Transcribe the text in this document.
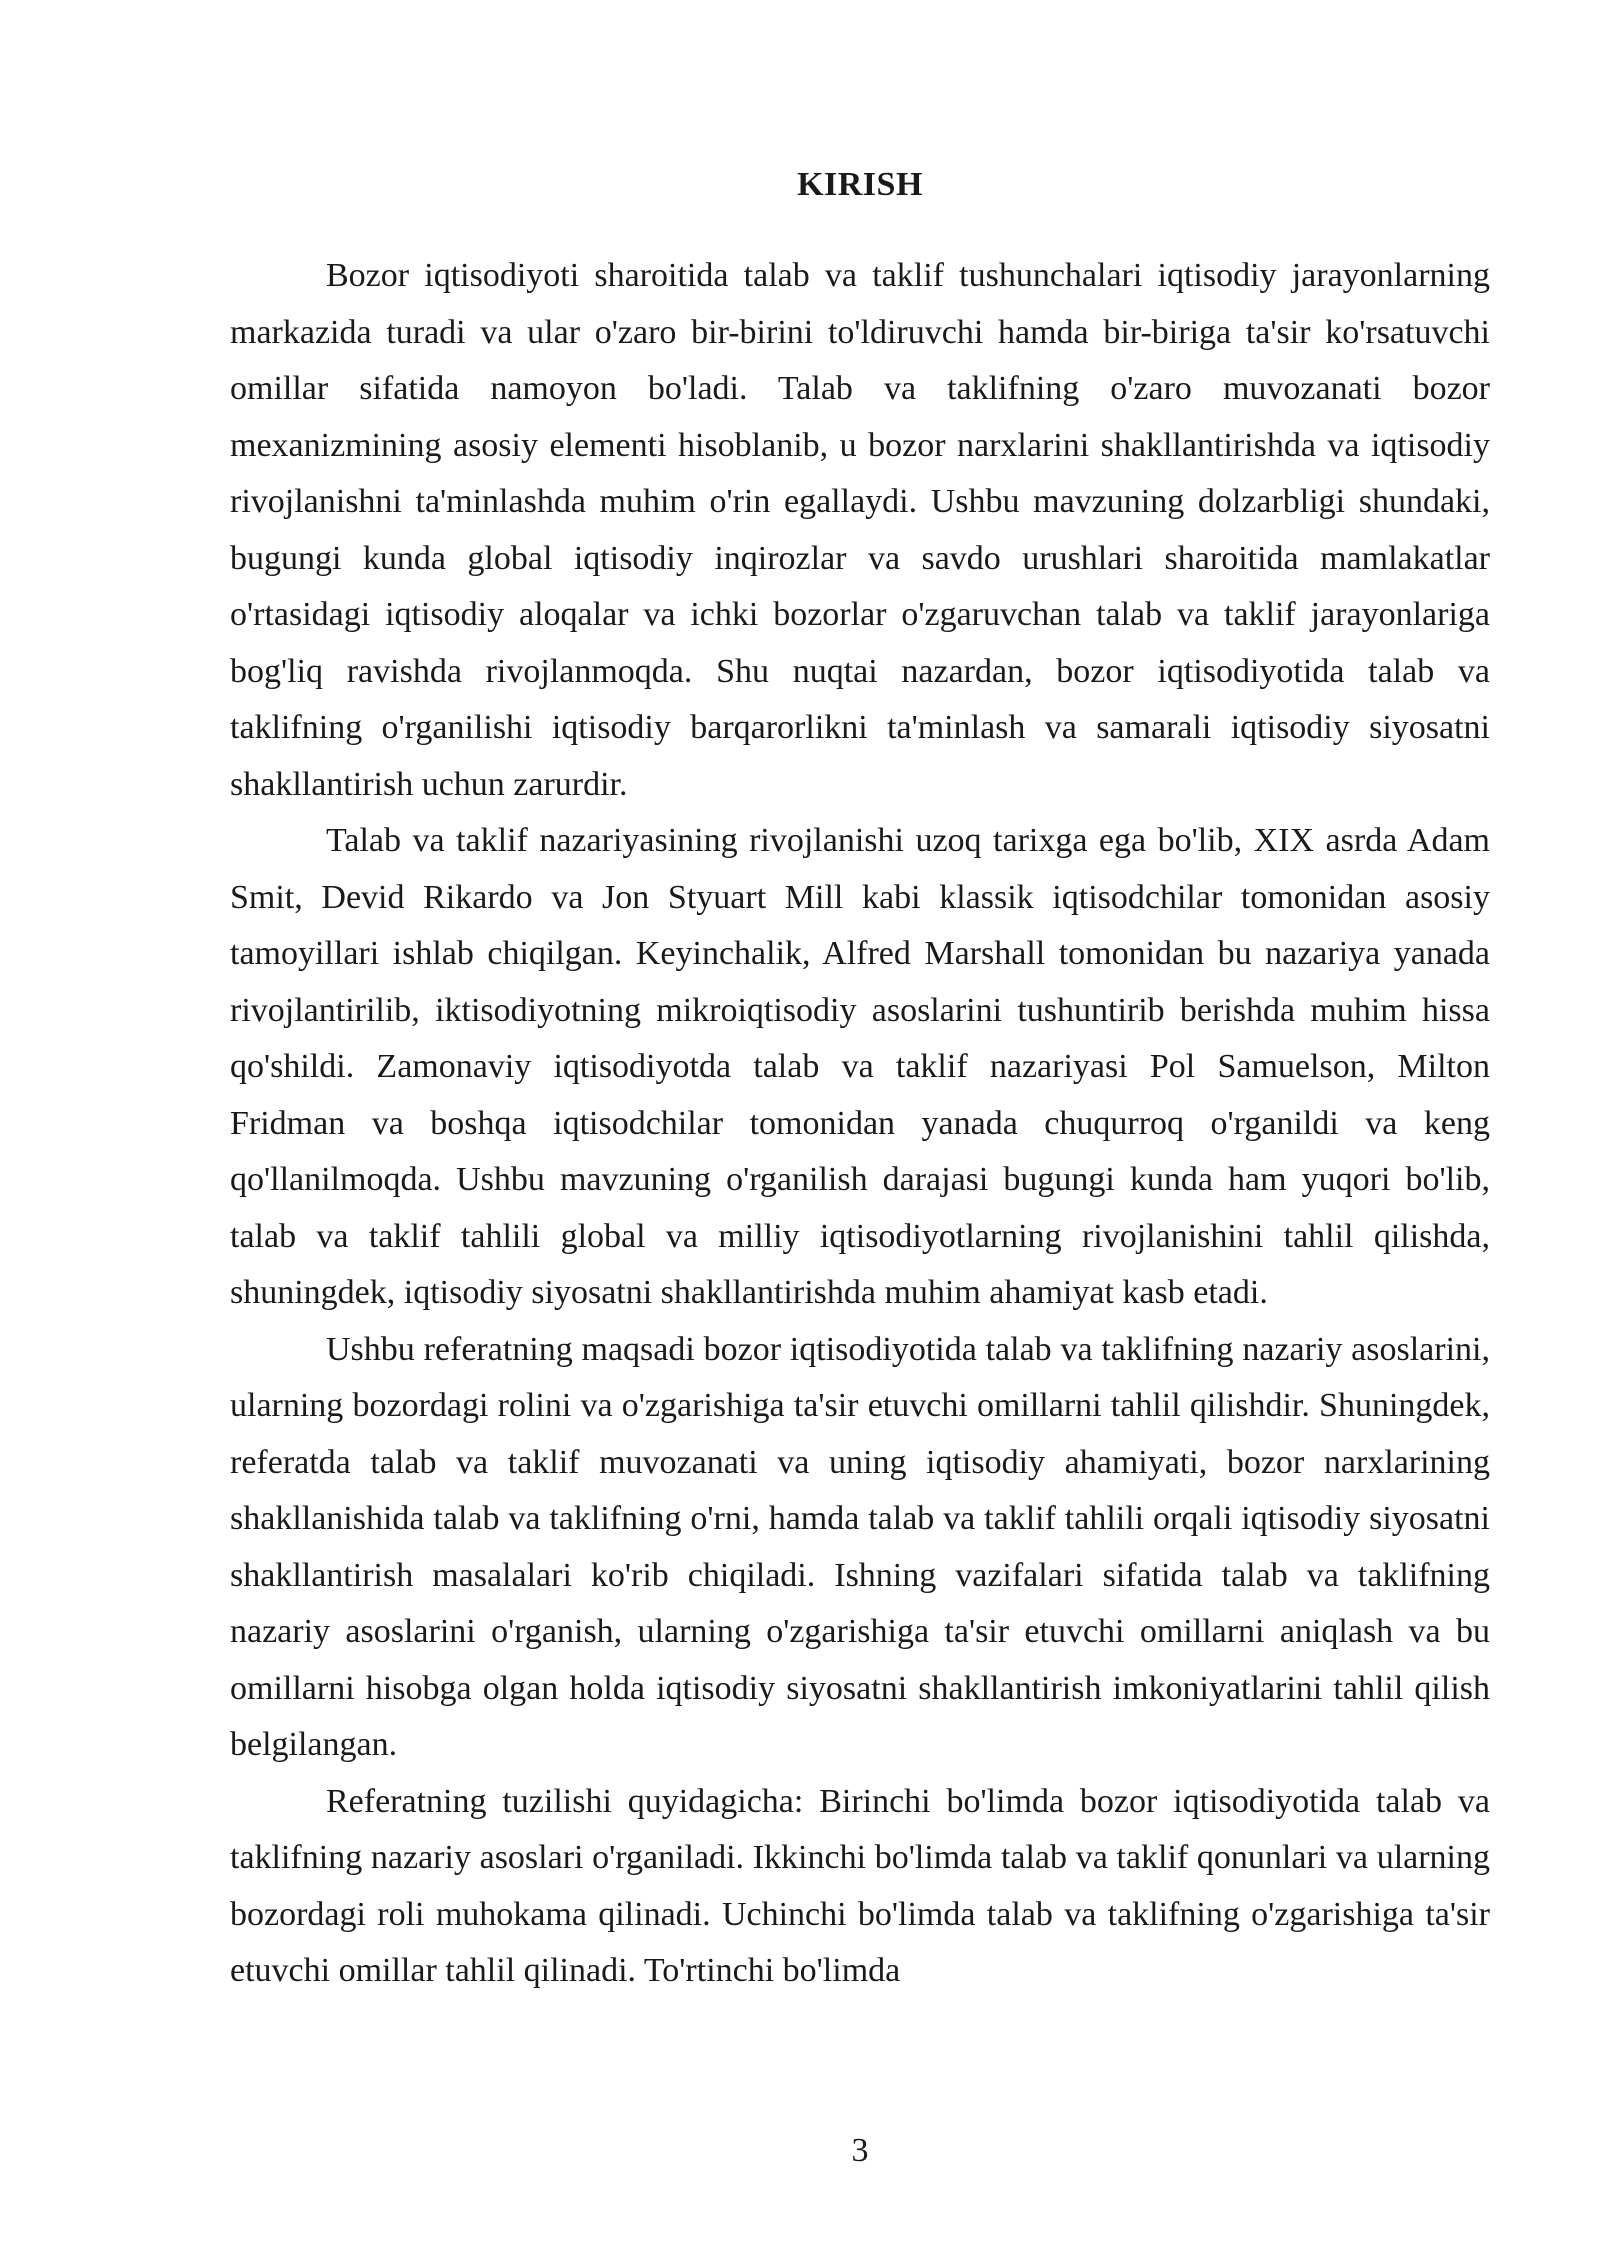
KIRISH

Bozor iqtisodiyoti sharoitida talab va taklif tushunchalari iqtisodiy jarayonlarning markazida turadi va ular o'zaro bir-birini to'ldiruvchi hamda bir-biriga ta'sir ko'rsatuvchi omillar sifatida namoyon bo'ladi. Talab va taklifning o'zaro muvozanati bozor mexanizmining asosiy elementi hisoblanib, u bozor narxlarini shakllantirishda va iqtisodiy rivojlanishni ta'minlashda muhim o'rin egallaydi. Ushbu mavzuning dolzarbligi shundaki, bugungi kunda global iqtisodiy inqirozlar va savdo urushlari sharoitida mamlakatlar o'rtasidagi iqtisodiy aloqalar va ichki bozorlar o'zgaruvchan talab va taklif jarayonlariga bog'liq ravishda rivojlanmoqda. Shu nuqtai nazardan, bozor iqtisodiyotida talab va taklifning o'rganilishi iqtisodiy barqarorlikni ta'minlash va samarali iqtisodiy siyosatni shakllantirish uchun zarurdir.

Talab va taklif nazariyasining rivojlanishi uzoq tarixga ega bo'lib, XIX asrda Adam Smit, Devid Rikardo va Jon Styuart Mill kabi klassik iqtisodchilar tomonidan asosiy tamoyillari ishlab chiqilgan. Keyinchalik, Alfred Marshall tomonidan bu nazariya yanada rivojlantirilib, iktisodiyotning mikroiqtisodiy asoslarini tushuntirib berishda muhim hissa qo'shildi. Zamonaviy iqtisodiyotda talab va taklif nazariyasi Pol Samuelson, Milton Fridman va boshqa iqtisodchilar tomonidan yanada chuqurroq o'rganildi va keng qo'llanilmoqda. Ushbu mavzuning o'rganilish darajasi bugungi kunda ham yuqori bo'lib, talab va taklif tahlili global va milliy iqtisodiyotlarning rivojlanishini tahlil qilishda, shuningdek, iqtisodiy siyosatni shakllantirishda muhim ahamiyat kasb etadi.

Ushbu referatning maqsadi bozor iqtisodiyotida talab va taklifning nazariy asoslarini, ularning bozordagi rolini va o'zgarishiga ta'sir etuvchi omillarni tahlil qilishdir. Shuningdek, referatda talab va taklif muvozanati va uning iqtisodiy ahamiyati, bozor narxlarining shakllanishida talab va taklifning o'rni, hamda talab va taklif tahlili orqali iqtisodiy siyosatni shakllantirish masalalari ko'rib chiqiladi. Ishning vazifalari sifatida talab va taklifning nazariy asoslarini o'rganish, ularning o'zgarishiga ta'sir etuvchi omillarni aniqlash va bu omillarni hisobga olgan holda iqtisodiy siyosatni shakllantirish imkoniyatlarini tahlil qilish belgilangan.

Referatning tuzilishi quyidagicha: Birinchi bo'limda bozor iqtisodiyotida talab va taklifning nazariy asoslari o'rganiladi. Ikkinchi bo'limda talab va taklif qonunlari va ularning bozordagi roli muhokama qilinadi. Uchinchi bo'limda talab va taklifning o'zgarishiga ta'sir etuvchi omillar tahlil qilinadi. To'rtinchi bo'limda

3
